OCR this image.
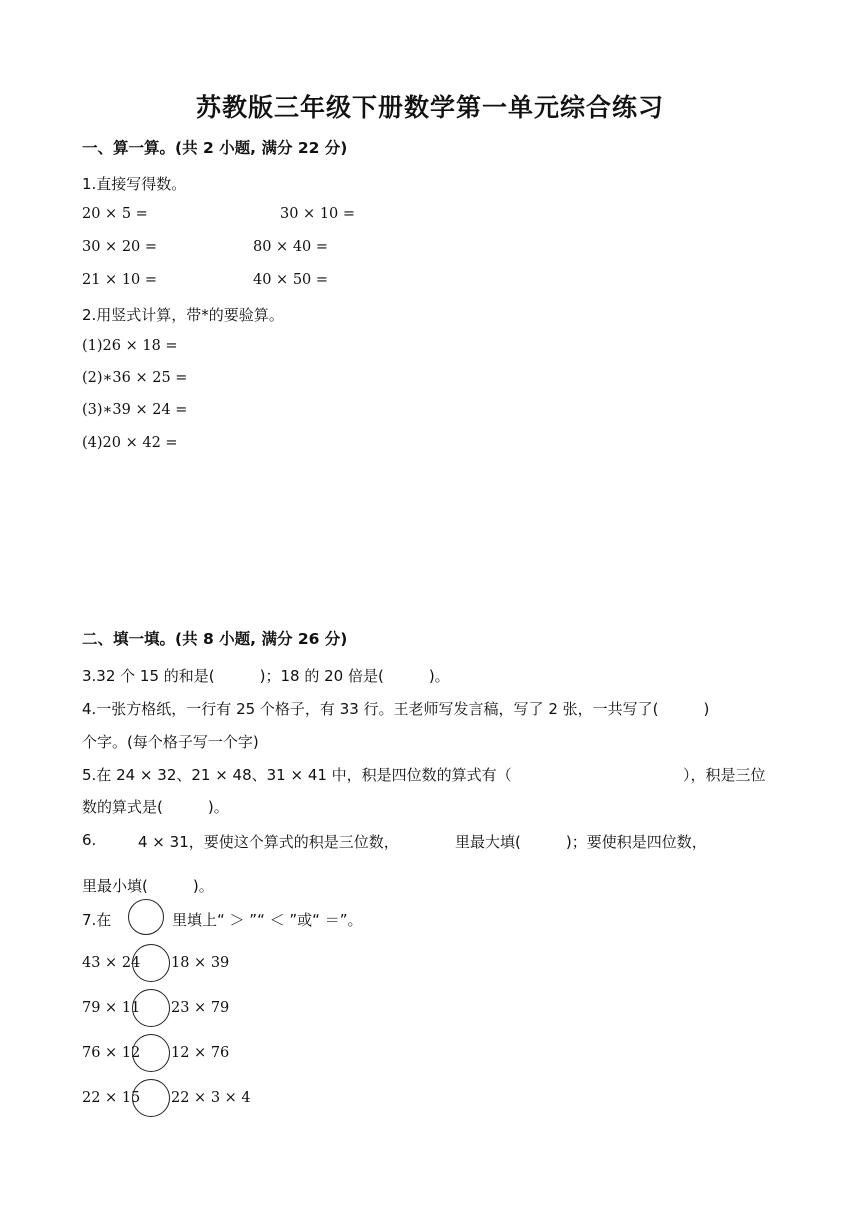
苏教版三年级下册数学第一单元综合练习
一、算一算。(共 2 小题, 满分 22 分)
1.直接写得数。
20 × 5 =	30 × 10 =
30 × 20 =	80 × 40 =
21 × 10 =	40 × 50 =
2.用竖式计算，带*的要验算。
(1)26 × 18 =
(2)∗36 × 25 =
(3)∗39 × 24 =
(4)20 × 42 =
二、填一填。(共 8 小题, 满分 26 分)
3.32 个 15 的和是(　　　)；18 的 20 倍是(　　　)。
4.一张方格纸，一行有 25 个格子，有 33 行。王老师写发言稿，写了 2 张，一共写了(　　　)
个字。(每个格子写一个字)
5.在 24 × 32、21 × 48、31 × 41 中，积是四位数的算式有（	），积是三位
数的算式是(　　　)。
6.	4 × 31，要使这个算式的积是三位数，	里最大填(　　　)；要使积是四位数，
里最小填(　　　)。
7.在	里填上“ ＞ ”“ ＜ ”或“ ＝”。
43 × 24 18 × 39
79 × 11 23 × 79
76 × 12 12 × 76
22 × 15 22 × 3 × 4
